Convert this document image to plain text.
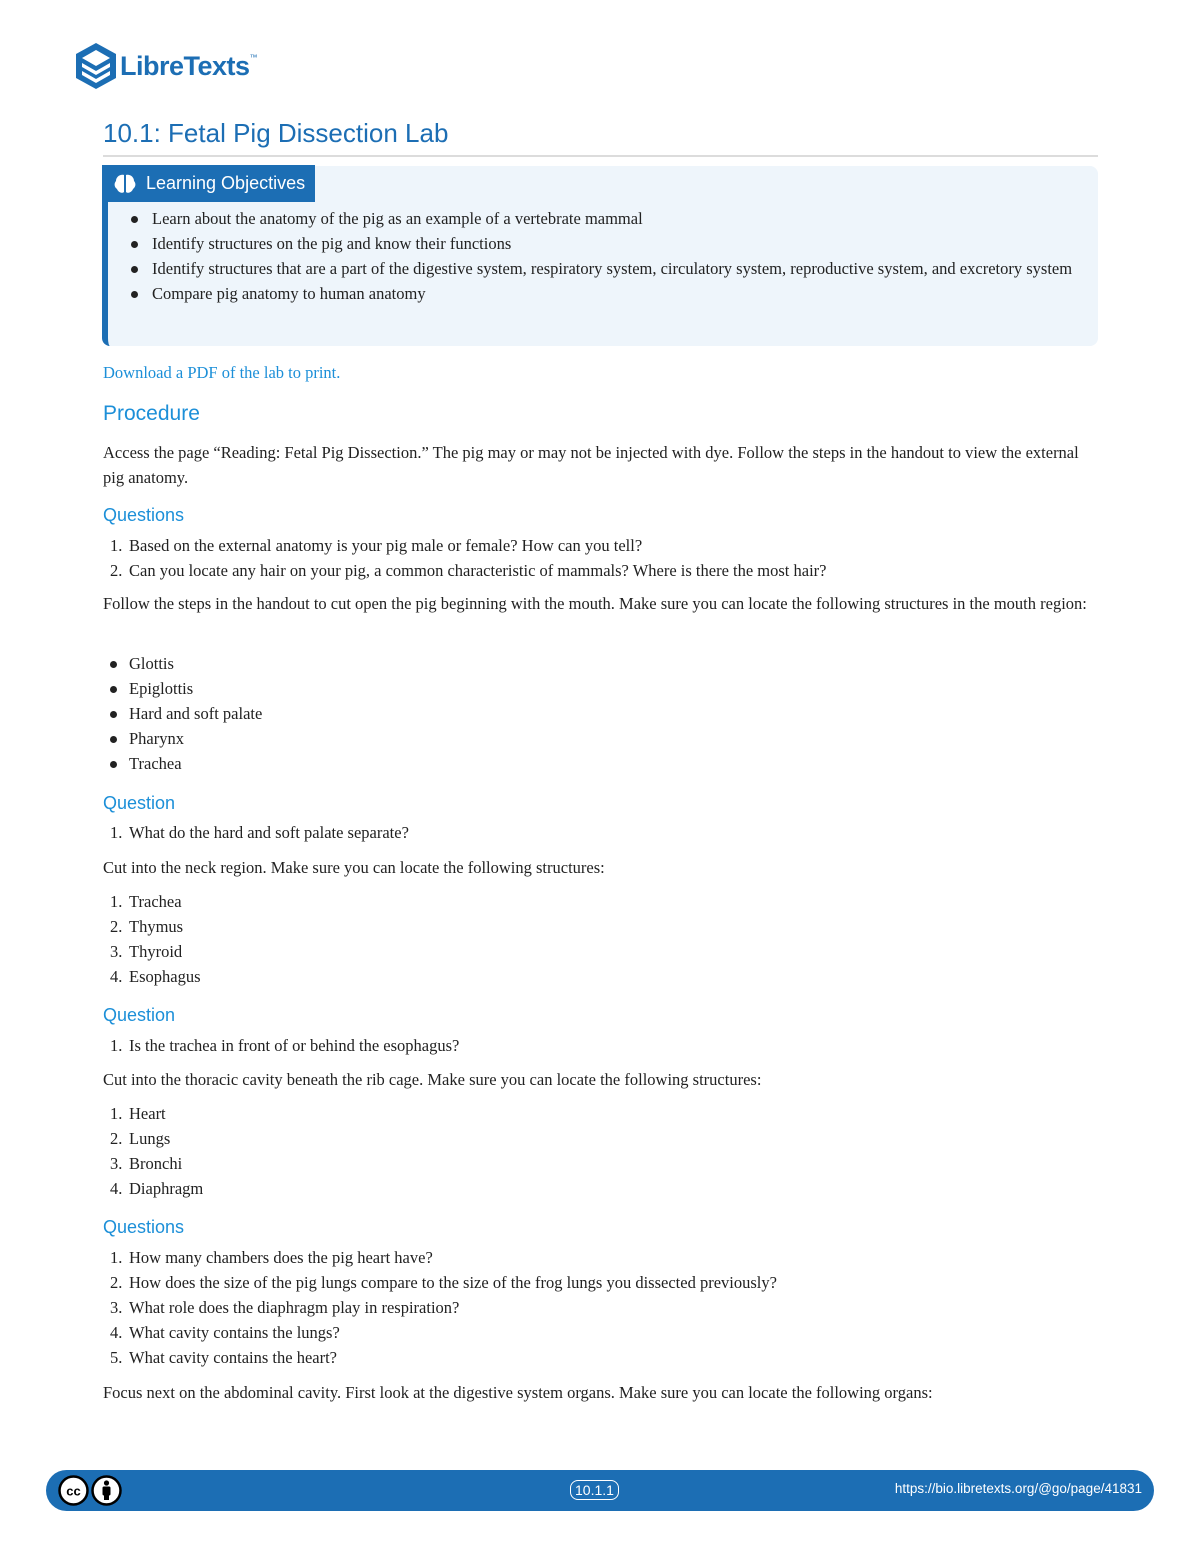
LibreTexts ™
10.1: Fetal Pig Dissection Lab
Learning Objectives
Learn about the anatomy of the pig as an example of a vertebrate mammal
Identify structures on the pig and know their functions
Identify structures that are a part of the digestive system, respiratory system, circulatory system, reproductive system, and excretory system
Compare pig anatomy to human anatomy
Download a PDF of the lab to print.
Procedure

Access the page “Reading: Fetal Pig Dissection.” The pig may or may not be injected with dye. Follow the steps in the handout to view the external pig anatomy.

Questions
1. Based on the external anatomy is your pig male or female? How can you tell?
2. Can you locate any hair on your pig, a common characteristic of mammals? Where is there the most hair?

Follow the steps in the handout to cut open the pig beginning with the mouth. Make sure you can locate the following structures in the mouth region:

Glottis
Epiglottis
Hard and soft palate
Pharynx
Trachea
Question
1. What do the hard and soft palate separate?

Cut into the neck region. Make sure you can locate the following structures:

1. Trachea
2. Thymus
3. Thyroid
4. Esophagus
Question
1. Is the trachea in front of or behind the esophagus?

Cut into the thoracic cavity beneath the rib cage. Make sure you can locate the following structures:

1. Heart
2. Lungs
3. Bronchi
4. Diaphragm
Questions
1. How many chambers does the pig heart have?
2. How does the size of the pig lungs compare to the size of the frog lungs you dissected previously?
3. What role does the diaphragm play in respiration?
4. What cavity contains the lungs?
5. What cavity contains the heart?

Focus next on the abdominal cavity. First look at the digestive system organs. Make sure you can locate the following organs:

cc	10.1.1	https://bio.libretexts.org/@go/page/41831
